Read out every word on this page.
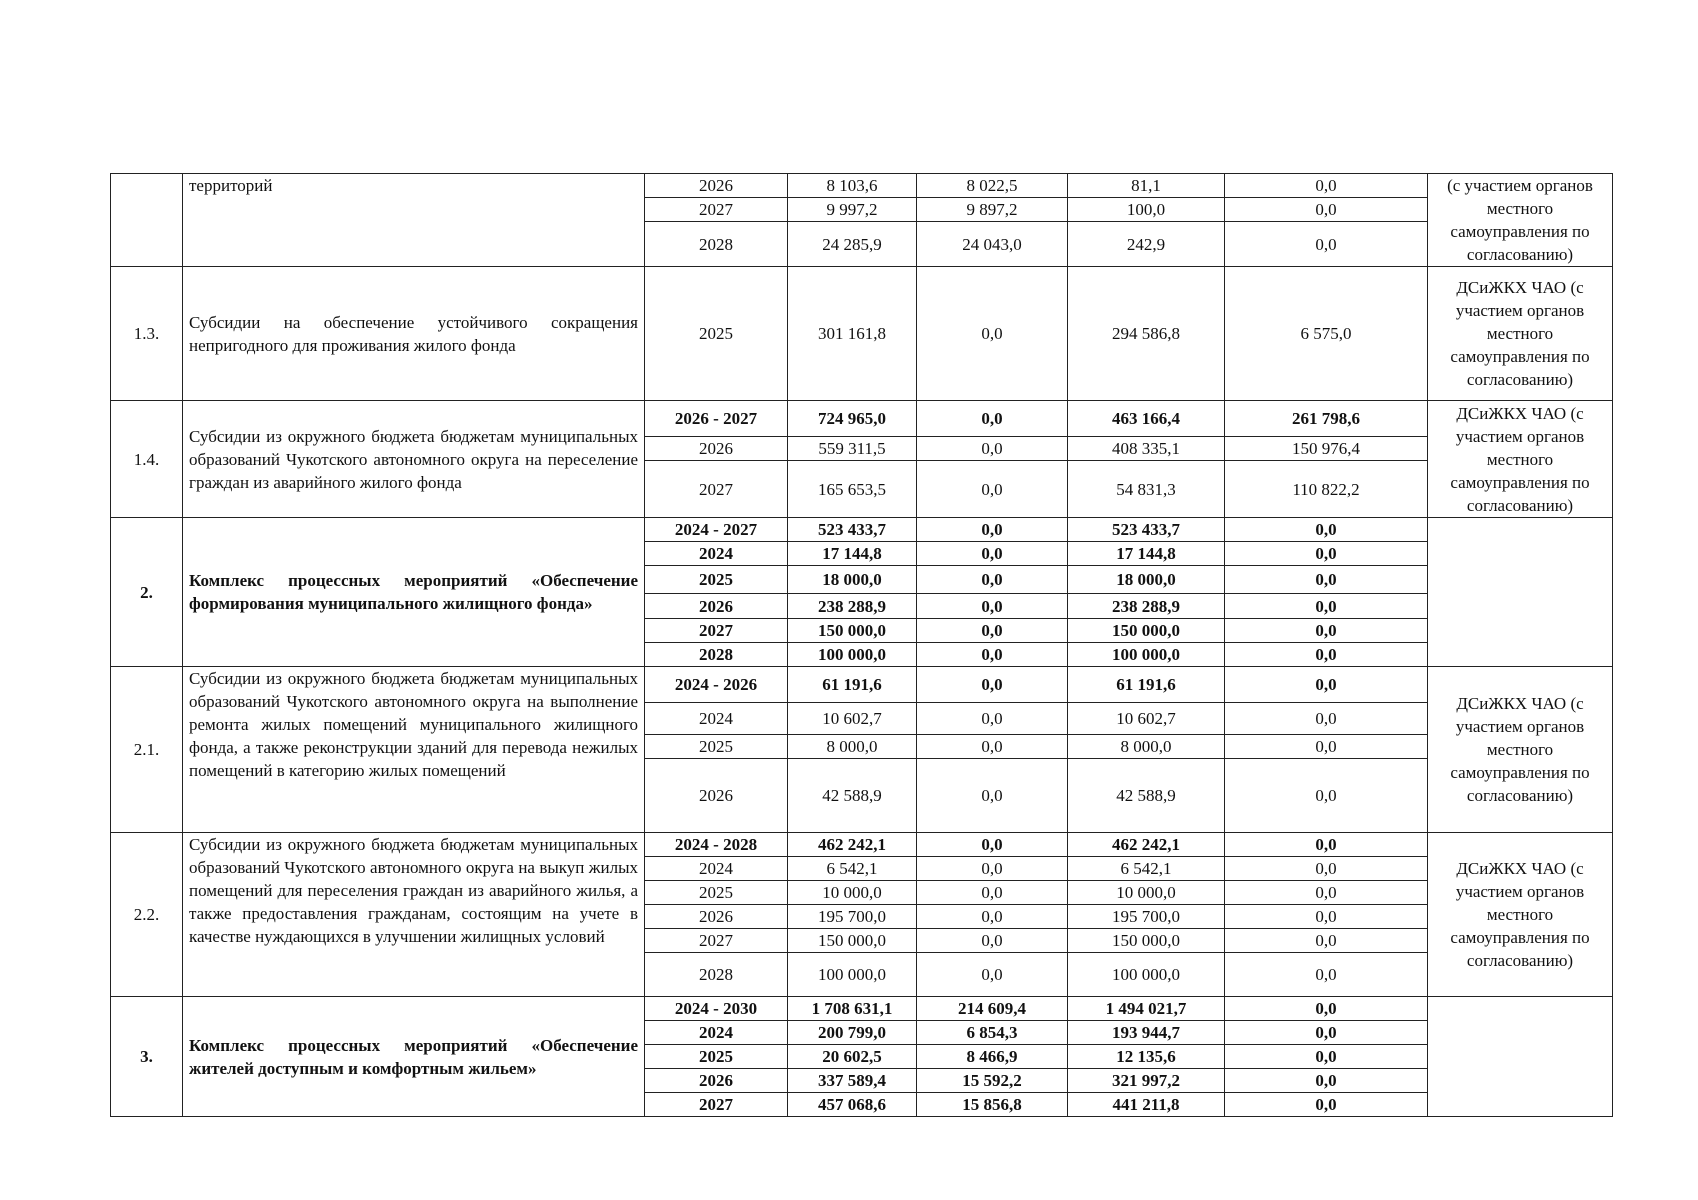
	территорий	2026	8 103,6	8 022,5	81,1	0,0	(с участием органов местного самоуправления по согласованию)
		2027	9 997,2	9 897,2	100,0	0,0	
		2028	24 285,9	24 043,0	242,9	0,0	
1.3.	Субсидии на обеспечение устойчивого сокращения непригодного для проживания жилого фонда	2025	301 161,8	0,0	294 586,8	6 575,0	ДСиЖКХ ЧАО (с участием органов местного самоуправления по согласованию)
1.4.	Субсидии из окружного бюджета бюджетам муниципальных образований Чукотского автономного округа на переселение граждан из аварийного жилого фонда	2026 - 2027	724 965,0	0,0	463 166,4	261 798,6	ДСиЖКХ ЧАО (с участием органов местного самоуправления по согласованию)
		2026	559 311,5	0,0	408 335,1	150 976,4	
		2027	165 653,5	0,0	54 831,3	110 822,2	
2.	Комплекс процессных мероприятий «Обеспечение формирования муниципального жилищного фонда»	2024 - 2027	523 433,7	0,0	523 433,7	0,0	
		2024	17 144,8	0,0	17 144,8	0,0	
		2025	18 000,0	0,0	18 000,0	0,0	
		2026	238 288,9	0,0	238 288,9	0,0	
		2027	150 000,0	0,0	150 000,0	0,0	
		2028	100 000,0	0,0	100 000,0	0,0	
2.1.	Субсидии из окружного бюджета бюджетам муниципальных образований Чукотского автономного округа на выполнение ремонта жилых помещений муниципального жилищного фонда, а также реконструкции зданий для перевода нежилых помещений в категорию жилых помещений	2024 - 2026	61 191,6	0,0	61 191,6	0,0	ДСиЖКХ ЧАО (с участием органов местного самоуправления по согласованию)
		2024	10 602,7	0,0	10 602,7	0,0	
		2025	8 000,0	0,0	8 000,0	0,0	
		2026	42 588,9	0,0	42 588,9	0,0	
2.2.	Субсидии из окружного бюджета бюджетам муниципальных образований Чукотского автономного округа на выкуп жилых помещений для переселения граждан из аварийного жилья, а также предоставления гражданам, состоящим на учете в качестве нуждающихся в улучшении жилищных условий	2024 - 2028	462 242,1	0,0	462 242,1	0,0	ДСиЖКХ ЧАО (с участием органов местного самоуправления по согласованию)
		2024	6 542,1	0,0	6 542,1	0,0	
		2025	10 000,0	0,0	10 000,0	0,0	
		2026	195 700,0	0,0	195 700,0	0,0	
		2027	150 000,0	0,0	150 000,0	0,0	
		2028	100 000,0	0,0	100 000,0	0,0	
3.	Комплекс процессных мероприятий «Обеспечение жителей доступным и комфортным жильем»	2024 - 2030	1 708 631,1	214 609,4	1 494 021,7	0,0	
		2024	200 799,0	6 854,3	193 944,7	0,0	
		2025	20 602,5	8 466,9	12 135,6	0,0	
		2026	337 589,4	15 592,2	321 997,2	0,0	
		2027	457 068,6	15 856,8	441 211,8	0,0	
